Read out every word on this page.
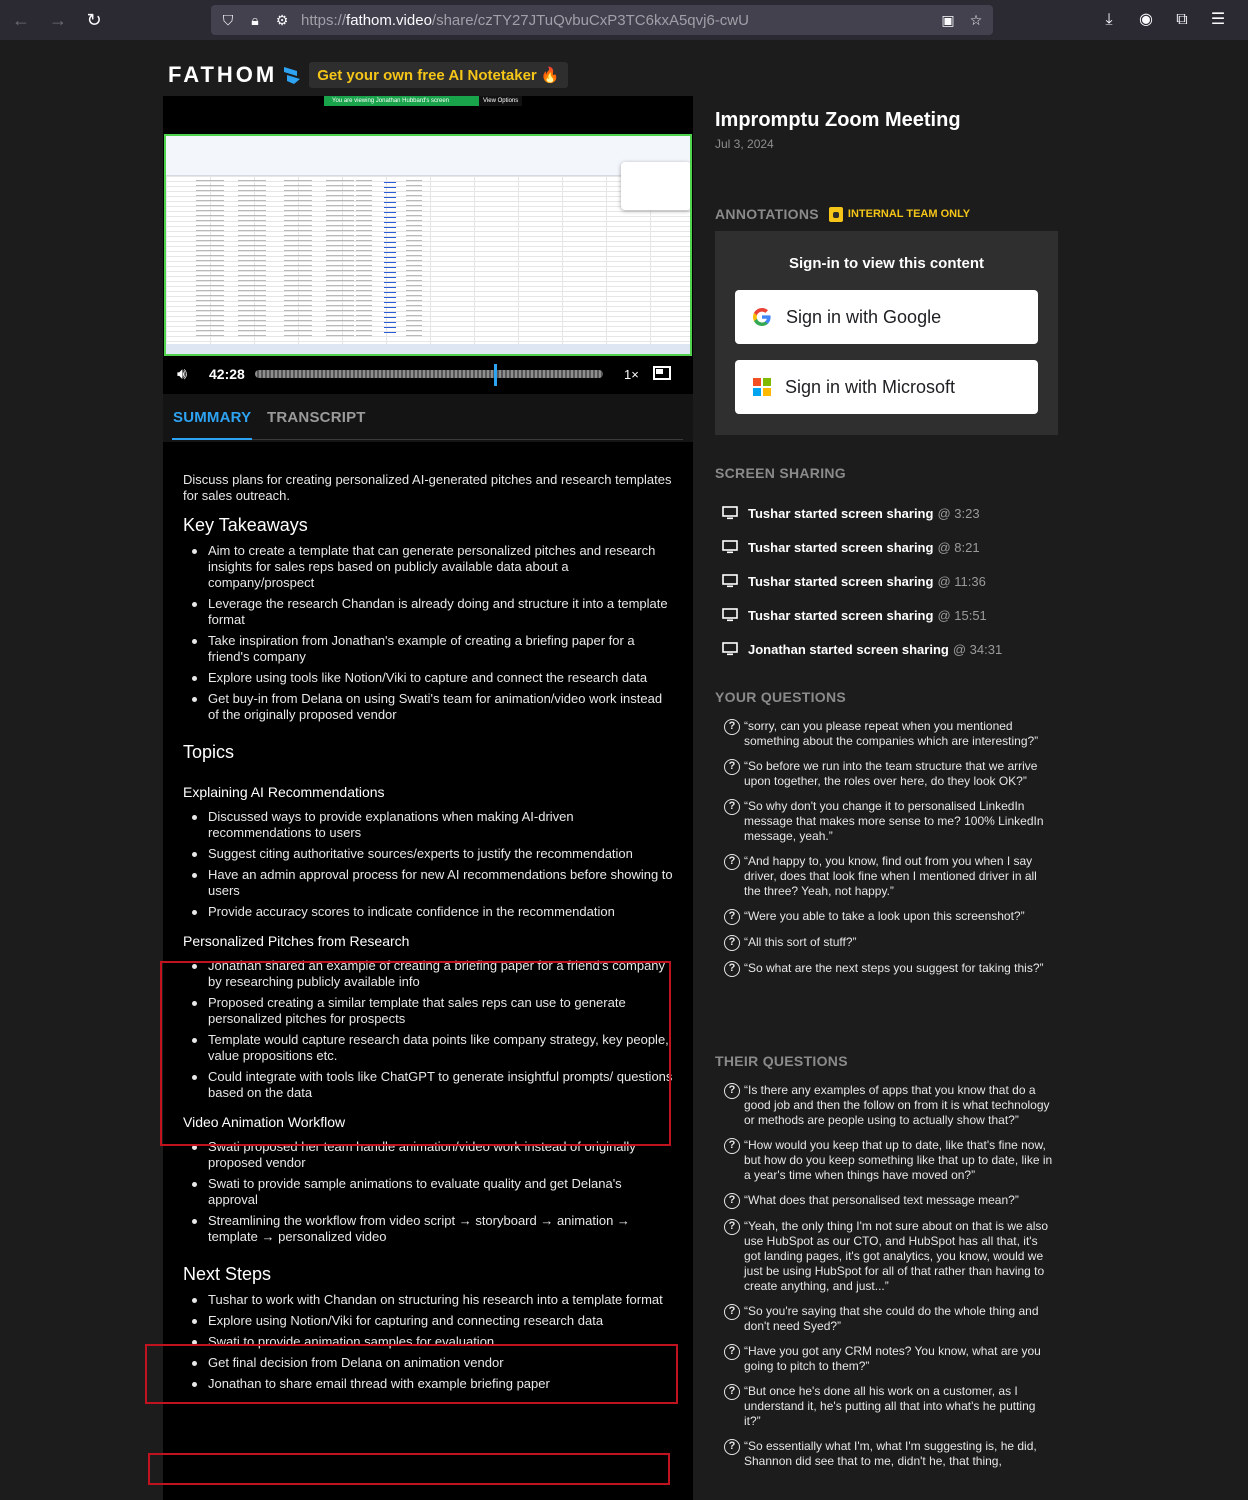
← → ↻	⛉	🔒︎	⚙ https://fathom.video/share/czTY27JTuQvbuCxP3TC6kxA5qvj6-cwU	▣ ☆	⤓	◉	⧉	☰
FATHOM	Get your own free AI Notetaker 🔥
You are viewing Jonathan Hubbard's screen	View Options
🔊︎	42:28	1×
SUMMARY TRANSCRIPT

Discuss plans for creating personalized AI-generated pitches and research templates for sales outreach.

Key Takeaways
Aim to create a template that can generate personalized pitches and research insights for sales reps based on publicly available data about a company/prospect
Leverage the research Chandan is already doing and structure it into a template format
Take inspiration from Jonathan's example of creating a briefing paper for a friend's company
Explore using tools like Notion/Viki to capture and connect the research data
Get buy-in from Delana on using Swati's team for animation/video work instead of the originally proposed vendor
Topics
Explaining AI Recommendations
Discussed ways to provide explanations when making AI-driven recommendations to users
Suggest citing authoritative sources/experts to justify the recommendation
Have an admin approval process for new AI recommendations before showing to users
Provide accuracy scores to indicate confidence in the recommendation
Personalized Pitches from Research
Jonathan shared an example of creating a briefing paper for a friend's company by researching publicly available info
Proposed creating a similar template that sales reps can use to generate personalized pitches for prospects
Template would capture research data points like company strategy, key people, value propositions etc.
Could integrate with tools like ChatGPT to generate insightful prompts/ questions based on the data
Video Animation Workflow
Swati proposed her team handle animation/video work instead of originally proposed vendor
Swati to provide sample animations to evaluate quality and get Delana's approval
Streamlining the workflow from video script → storyboard → animation → template → personalized video
Next Steps
Tushar to work with Chandan on structuring his research into a template format
Explore using Notion/Viki for capturing and connecting research data
Swati to provide animation samples for evaluation
Get final decision from Delana on animation vendor
Jonathan to share email thread with example briefing paper
Impromptu Zoom Meeting
Jul 3, 2024
ANNOTATIONS	INTERNAL TEAM ONLY
Sign-in to view this content
Sign in with Google
Sign in with Microsoft
SCREEN SHARING
Tushar started screen sharing @ 3:23
Tushar started screen sharing @ 8:21
Tushar started screen sharing @ 11:36
Tushar started screen sharing @ 15:51
Jonathan started screen sharing @ 34:31
YOUR QUESTIONS
? “sorry, can you please repeat when you mentioned something about the companies which are interesting?”
? “So before we run into the team structure that we arrive upon together, the roles over here, do they look OK?”
? “So why don't you change it to personalised LinkedIn message that makes more sense to me? 100% LinkedIn message, yeah.”
? “And happy to, you know, find out from you when I say driver, does that look fine when I mentioned driver in all the three? Yeah, not happy.”
? “Were you able to take a look upon this screenshot?”
? “All this sort of stuff?”
? “So what are the next steps you suggest for taking this?”
THEIR QUESTIONS
? “Is there any examples of apps that you know that do a good job and then the follow on from it is what technology or methods are people using to actually show that?”
? “How would you keep that up to date, like that's fine now, but how do you keep something like that up to date, like in a year's time when things have moved on?”
? “What does that personalised text message mean?”
? “Yeah, the only thing I'm not sure about on that is we also use HubSpot as our CTO, and HubSpot has all that, it's got landing pages, it's got analytics, you know, would we just be using HubSpot for all of that rather than having to create anything, and just...”
? “So you're saying that she could do the whole thing and don't need Syed?”
? “Have you got any CRM notes? You know, what are you going to pitch to them?”
? “But once he's done all his work on a customer, as I understand it, he's putting all that into what's he putting it?”
? “So essentially what I'm, what I'm suggesting is, he did, Shannon did see that to me, didn't he, that thing,
